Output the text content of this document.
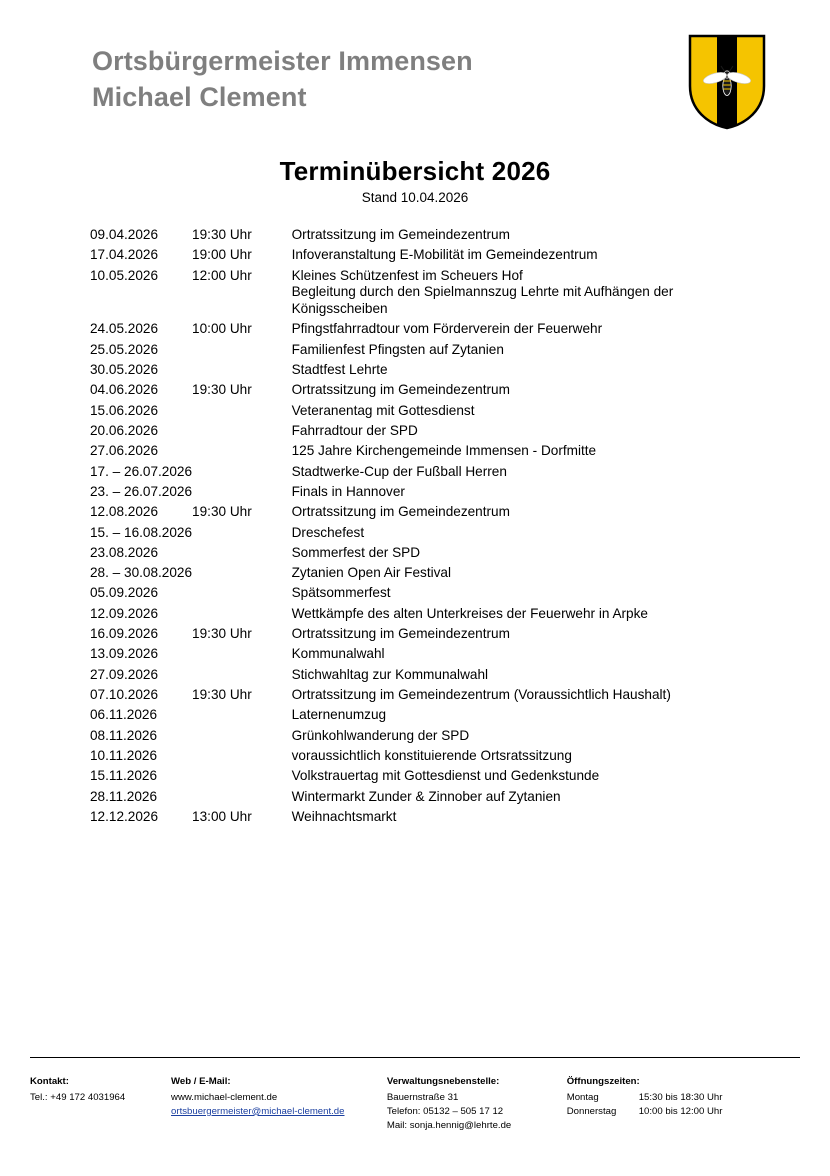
Ortsbürgermeister Immensen
Michael Clement
Terminübersicht 2026
Stand 10.04.2026
09.04.2026	19:30 Uhr	Ortratssitzung im Gemeindezentrum
17.04.2026	19:00 Uhr	Infoveranstaltung E-Mobilität im Gemeindezentrum
10.05.2026	12:00 Uhr	Kleines Schützenfest im Scheuers Hof
Begleitung durch den Spielmannszug Lehrte mit Aufhängen der Königsscheiben

24.05.2026	10:00 Uhr	Pfingstfahrradtour vom Förderverein der Feuerwehr
25.05.2026		Familienfest Pfingsten auf Zytanien
30.05.2026		Stadtfest Lehrte
04.06.2026	19:30 Uhr	Ortratssitzung im Gemeindezentrum
15.06.2026		Veteranentag mit Gottesdienst
20.06.2026		Fahrradtour der SPD
27.06.2026		125 Jahre Kirchengemeinde Immensen - Dorfmitte
17. – 26.07.2026		Stadtwerke-Cup der Fußball Herren
23. – 26.07.2026		Finals in Hannover
12.08.2026	19:30 Uhr	Ortratssitzung im Gemeindezentrum
15. – 16.08.2026		Dreschefest
23.08.2026		Sommerfest der SPD
28. – 30.08.2026		Zytanien Open Air Festival
05.09.2026		Spätsommerfest
12.09.2026		Wettkämpfe des alten Unterkreises der Feuerwehr in Arpke
16.09.2026	19:30 Uhr	Ortratssitzung im Gemeindezentrum
13.09.2026		Kommunalwahl
27.09.2026		Stichwahltag zur Kommunalwahl
07.10.2026	19:30 Uhr	Ortratssitzung im Gemeindezentrum (Voraussichtlich Haushalt)
06.11.2026		Laternenumzug
08.11.2026		Grünkohlwanderung der SPD
10.11.2026		voraussichtlich konstituierende Ortsratssitzung
15.11.2026		Volkstrauertag mit Gottesdienst und Gedenkstunde
28.11.2026		Wintermarkt Zunder & Zinnober auf Zytanien
12.12.2026	13:00 Uhr	Weihnachtsmarkt
Kontakt:
Tel.: +49 172 4031964
Web / E-Mail:
www.michael-clement.de
ortsbuergermeister@michael-clement.de
Verwaltungsnebenstelle:
Bauernstraße 31
Telefon: 05132 – 505 17 12
Mail: sonja.hennig@lehrte.de
Öffnungszeiten:
Montag	15:30 bis 18:30 Uhr
Donnerstag	10:00 bis 12:00 Uhr
